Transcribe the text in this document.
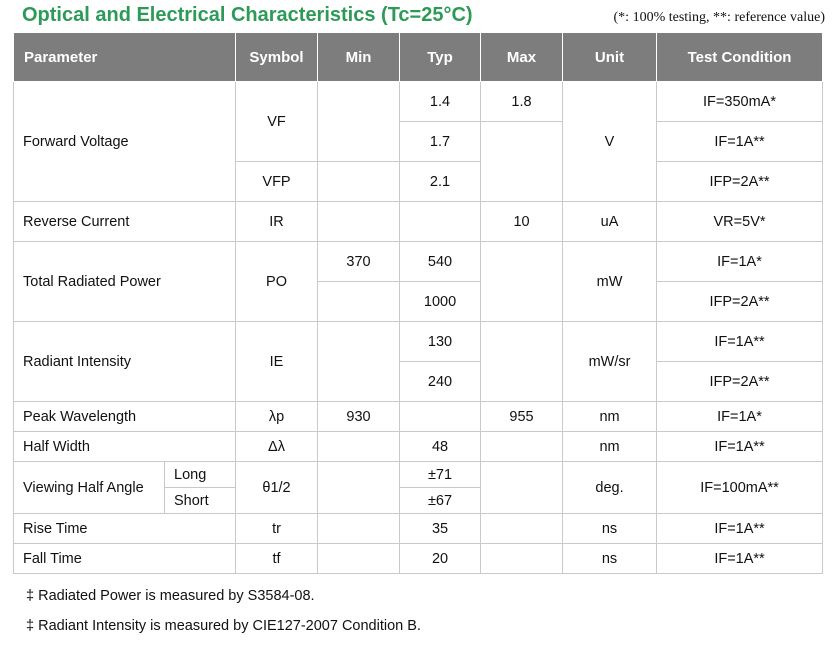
Optical and Electrical Characteristics (Tc=25°C)	(*: 100% testing, **: reference value)
Parameter		Symbol	Min	Typ	Max	Unit	Test Condition
Forward Voltage		VF		1.4	1.8	V	IF=350mA*
				1.7			IF=1A**
		VFP		2.1			IFP=2A**
Reverse Current		IR			10	uA	VR=5V*
Total Radiated Power		PO	370	540		mW	IF=1A*
				1000			IFP=2A**
Radiant Intensity		IE		130		mW/sr	IF=1A**
				240			IFP=2A**
Peak Wavelength		λp	930		955	nm	IF=1A*
Half Width		Δλ		48		nm	IF=1A**
Viewing Half Angle	Long	θ1/2		±71		deg.	IF=100mA**
	Short			±67			
Rise Time		tr		35		ns	IF=1A**
Fall Time		tf		20		ns	IF=1A**
‡ Radiated Power is measured by S3584-08.
‡ Radiant Intensity is measured by CIE127-2007 Condition B.
